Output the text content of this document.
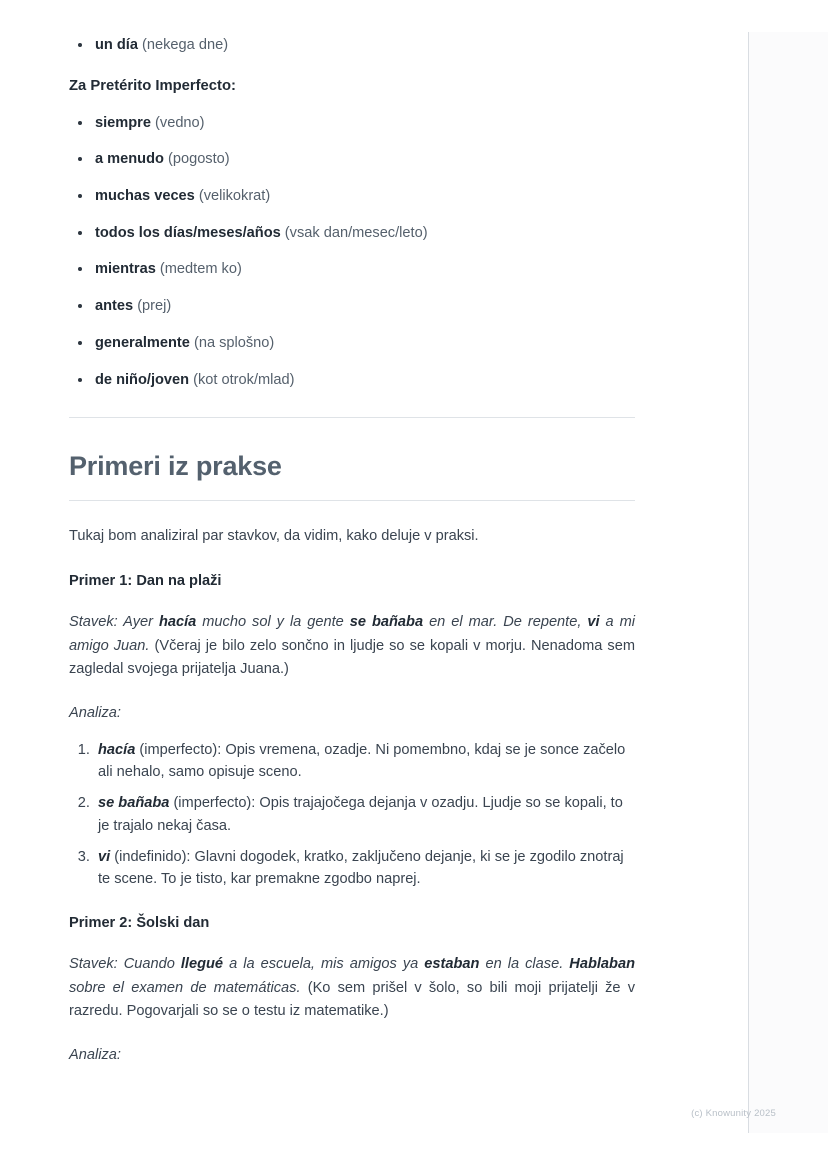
un día (nekega dne)
Za Pretérito Imperfecto:
siempre (vedno)
a menudo (pogosto)
muchas veces (velikokrat)
todos los días/meses/años (vsak dan/mesec/leto)
mientras (medtem ko)
antes (prej)
generalmente (na splošno)
de niño/joven (kot otrok/mlad)
Primeri iz prakse

Tukaj bom analiziral par stavkov, da vidim, kako deluje v praksi.

Primer 1: Dan na plaži

Stavek: Ayer hacía mucho sol y la gente se bañaba en el mar. De repente, vi a mi amigo Juan. (Včeraj je bilo zelo sončno in ljudje so se kopali v morju. Nenadoma sem zagledal svojega prijatelja Juana.)

Analiza:

1. hacía (imperfecto): Opis vremena, ozadje. Ni pomembno, kdaj se je sonce začelo ali nehalo, samo opisuje sceno.
2. se bañaba (imperfecto): Opis trajajočega dejanja v ozadju. Ljudje so se kopali, to je trajalo nekaj časa.
3. vi (indefinido): Glavni dogodek, kratko, zaključeno dejanje, ki se je zgodilo znotraj te scene. To je tisto, kar premakne zgodbo naprej.
Primer 2: Šolski dan

Stavek: Cuando llegué a la escuela, mis amigos ya estaban en la clase. Hablaban sobre el examen de matemáticas. (Ko sem prišel v šolo, so bili moji prijatelji že v razredu. Pogovarjali so se o testu iz matematike.)

Analiza:

(c) Knowunity 2025
